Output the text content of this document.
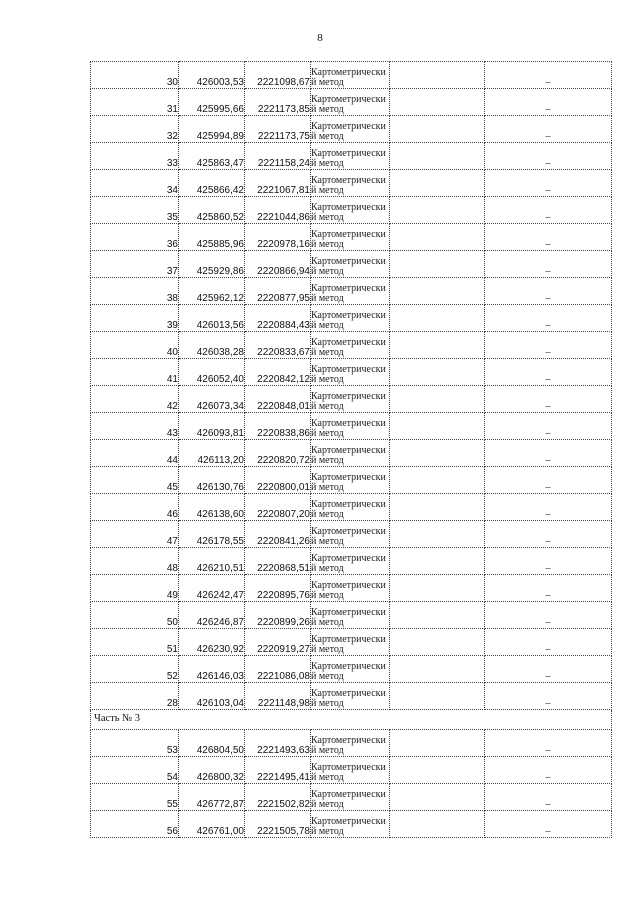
8
30	426003,53	2221098,67	Картометрический метод		–
31	425995,66	2221173,85	Картометрический метод		–
32	425994,89	2221173,75	Картометрический метод		–
33	425863,47	2221158,24	Картометрический метод		–
34	425866,42	2221067,81	Картометрический метод		–
35	425860,52	2221044,86	Картометрический метод		–
36	425885,96	2220978,16	Картометрический метод		–
37	425929,86	2220866,94	Картометрический метод		–
38	425962,12	2220877,95	Картометрический метод		–
39	426013,56	2220884,43	Картометрический метод		–
40	426038,28	2220833,67	Картометрический метод		–
41	426052,40	2220842,12	Картометрический метод		–
42	426073,34	2220848,01	Картометрический метод		–
43	426093,81	2220838,86	Картометрический метод		–
44	426113,20	2220820,72	Картометрический метод		–
45	426130,76	2220800,01	Картометрический метод		–
46	426138,60	2220807,20	Картометрический метод		–
47	426178,55	2220841,26	Картометрический метод		–
48	426210,51	2220868,51	Картометрический метод		–
49	426242,47	2220895,76	Картометрический метод		–
50	426246,87	2220899,26	Картометрический метод		–
51	426230,92	2220919,27	Картометрический метод		–
52	426146,03	2221086,08	Картометрический метод		–
28	426103,04	2221148,98	Картометрический метод		–
Часть № 3					
53	426804,50	2221493,63	Картометрический метод		–
54	426800,32	2221495,41	Картометрический метод		–
55	426772,87	2221502,82	Картометрический метод		–
56	426761,00	2221505,78	Картометрический метод		–
